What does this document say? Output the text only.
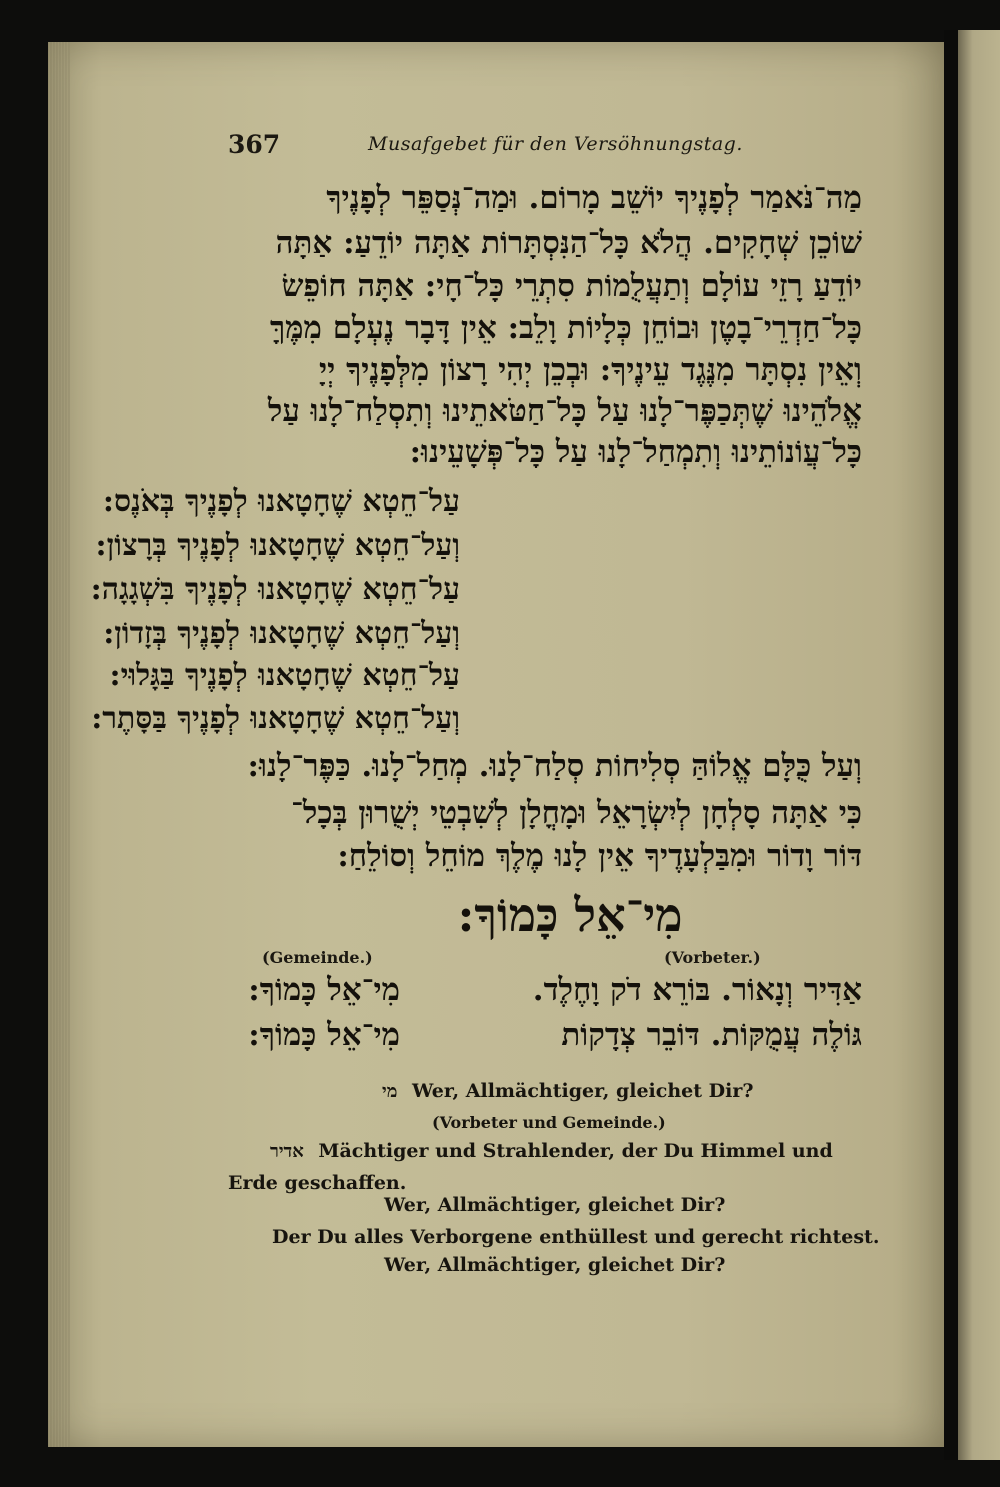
367	Musafgebet für den Versöhnungstag.
מַה־נֹּאמַר לְפָנֶיךָ יוֹשֵׁב מָרוֹם. וּמַה־נְּסַפֵּר לְפָנֶיךָ
שׁוֹכֵן שְׁחָקִים. הֲלֹא כָּל־הַנִּסְתָּרוֹת אַתָּה יוֹדֵעַ: אַתָּה
יוֹדֵעַ רָזֵי עוֹלָם וְתַעֲלֻמוֹת סִתְרֵי כָּל־חָי: אַתָּה חוֹפֵשׂ
כָּל־חַדְרֵי־בָטֶן וּבוֹחֵן כְּלָיוֹת וָלֵב: אֵין דָּבָר נֶעְלָם מִמֶּךָּ
וְאֵין נִסְתָּר מִנֶּגֶד עֵינֶיךָ: וּבְכֵן יְהִי רָצוֹן מִלְּפָנֶיךָ יְיָ
אֱלֹהֵינוּ שֶׁתְּכַפֶּר־לָנוּ עַל כָּל־חַטֹּאתֵינוּ וְתִסְלַח־לָנוּ עַל
כָּל־עֲוֹנוֹתֵינוּ וְתִמְחַל־לָנוּ עַל כָּל־פְּשָׁעֵינוּ:
עַל־חֵטְא שֶׁחָטָאנוּ לְפָנֶיךָ בְּאֹנֶס:
וְעַל־חֵטְא שֶׁחָטָאנוּ לְפָנֶיךָ בְּרָצוֹן:
עַל־חֵטְא שֶׁחָטָאנוּ לְפָנֶיךָ בִּשְׁגָגָה:
וְעַל־חֵטְא שֶׁחָטָאנוּ לְפָנֶיךָ בְּזָדוֹן:
עַל־חֵטְא שֶׁחָטָאנוּ לְפָנֶיךָ בַּגָּלוּי:
וְעַל־חֵטְא שֶׁחָטָאנוּ לְפָנֶיךָ בַּסָּתֶר:
וְעַל כֻּלָּם אֱלוֹהַּ סְלִיחוֹת סְלַח־לָנוּ. מְחַל־לָנוּ. כַּפֶּר־לָנוּ:
כִּי אַתָּה סָלְחָן לְיִשְׂרָאֵל וּמָחֳלָן לְשִׁבְטֵי יְשֻׁרוּן בְּכָל־
דּוֹר וָדוֹר וּמִבַּלְעָדֶיךָ אֵין לָנוּ מֶלֶךְ מוֹחֵל וְסוֹלֵחַ:
מִי־אֵל כָּמוֹךָ:
(Gemeinde.)	(Vorbeter.)
אַדִּיר וְנָאוֹר. בּוֹרֵא דֹק וָחֶלֶד.
מִי־אֵל כָּמוֹךָ:
גּוֹלֶה עֲמֻקּוֹת. דּוֹבֵר צְדָקוֹת
מִי־אֵל כָּמוֹךָ:
מי Wer, Allmächtiger, gleichet Dir?
(Vorbeter und Gemeinde.)
אדיר Mächtiger und Strahlender, der Du Himmel und
Erde geschaffen.
Wer, Allmächtiger, gleichet Dir?
Der Du alles Verborgene enthüllest und gerecht richtest.
Wer, Allmächtiger, gleichet Dir?
